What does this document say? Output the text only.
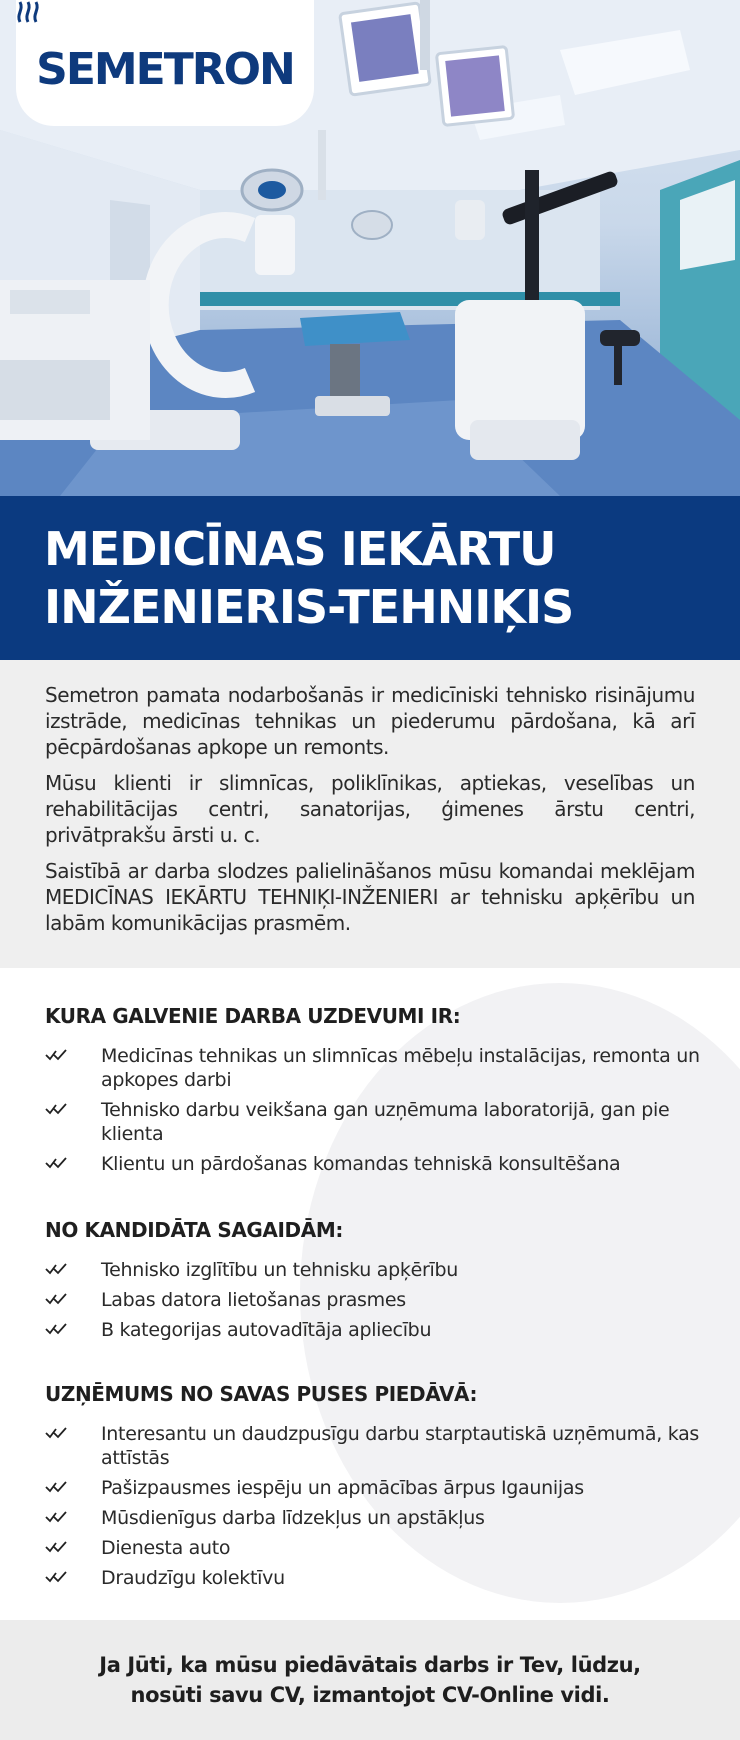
SEMETRON
MEDICĪNAS IEKĀRTU
INŽENIERIS-TEHNIĶIS

Semetron pamata nodarbošanās ir medicīniski tehnisko risinājumu izstrāde, medicīnas tehnikas un piederumu pārdošana, kā arī pēcpārdošanas apkope un remonts.

Mūsu klienti ir slimnīcas, poliklīnikas, aptiekas, veselības un rehabilitācijas centri, sanatorijas, ģimenes ārstu centri, privātprakšu ārsti u. c.

Saistībā ar darba slodzes palielināšanos mūsu komandai meklējam MEDICĪNAS IEKĀRTU TEHNIĶI-INŽENIERI ar tehnisku apķērību un labām komunikācijas prasmēm.

KURA GALVENIE DARBA UZDEVUMI IR:
Medicīnas tehnikas un slimnīcas mēbeļu instalācijas, remonta un apkopes darbi
Tehnisko darbu veikšana gan uzņēmuma laboratorijā, gan pie klienta
Klientu un pārdošanas komandas tehniskā konsultēšana
NO KANDIDĀTA SAGAIDĀM:
Tehnisko izglītību un tehnisku apķērību
Labas datora lietošanas prasmes
B kategorijas autovadītāja apliecību
UZŅĒMUMS NO SAVAS PUSES PIEDĀVĀ:
Interesantu un daudzpusīgu darbu starptautiskā uzņēmumā, kas attīstās
Pašizpausmes iespēju un apmācības ārpus Igaunijas
Mūsdienīgus darba līdzekļus un apstākļus
Dienesta auto
Draudzīgu kolektīvu
Ja Jūti, ka mūsu piedāvātais darbs ir Tev, lūdzu,
nosūti savu CV, izmantojot CV-Online vidi.
